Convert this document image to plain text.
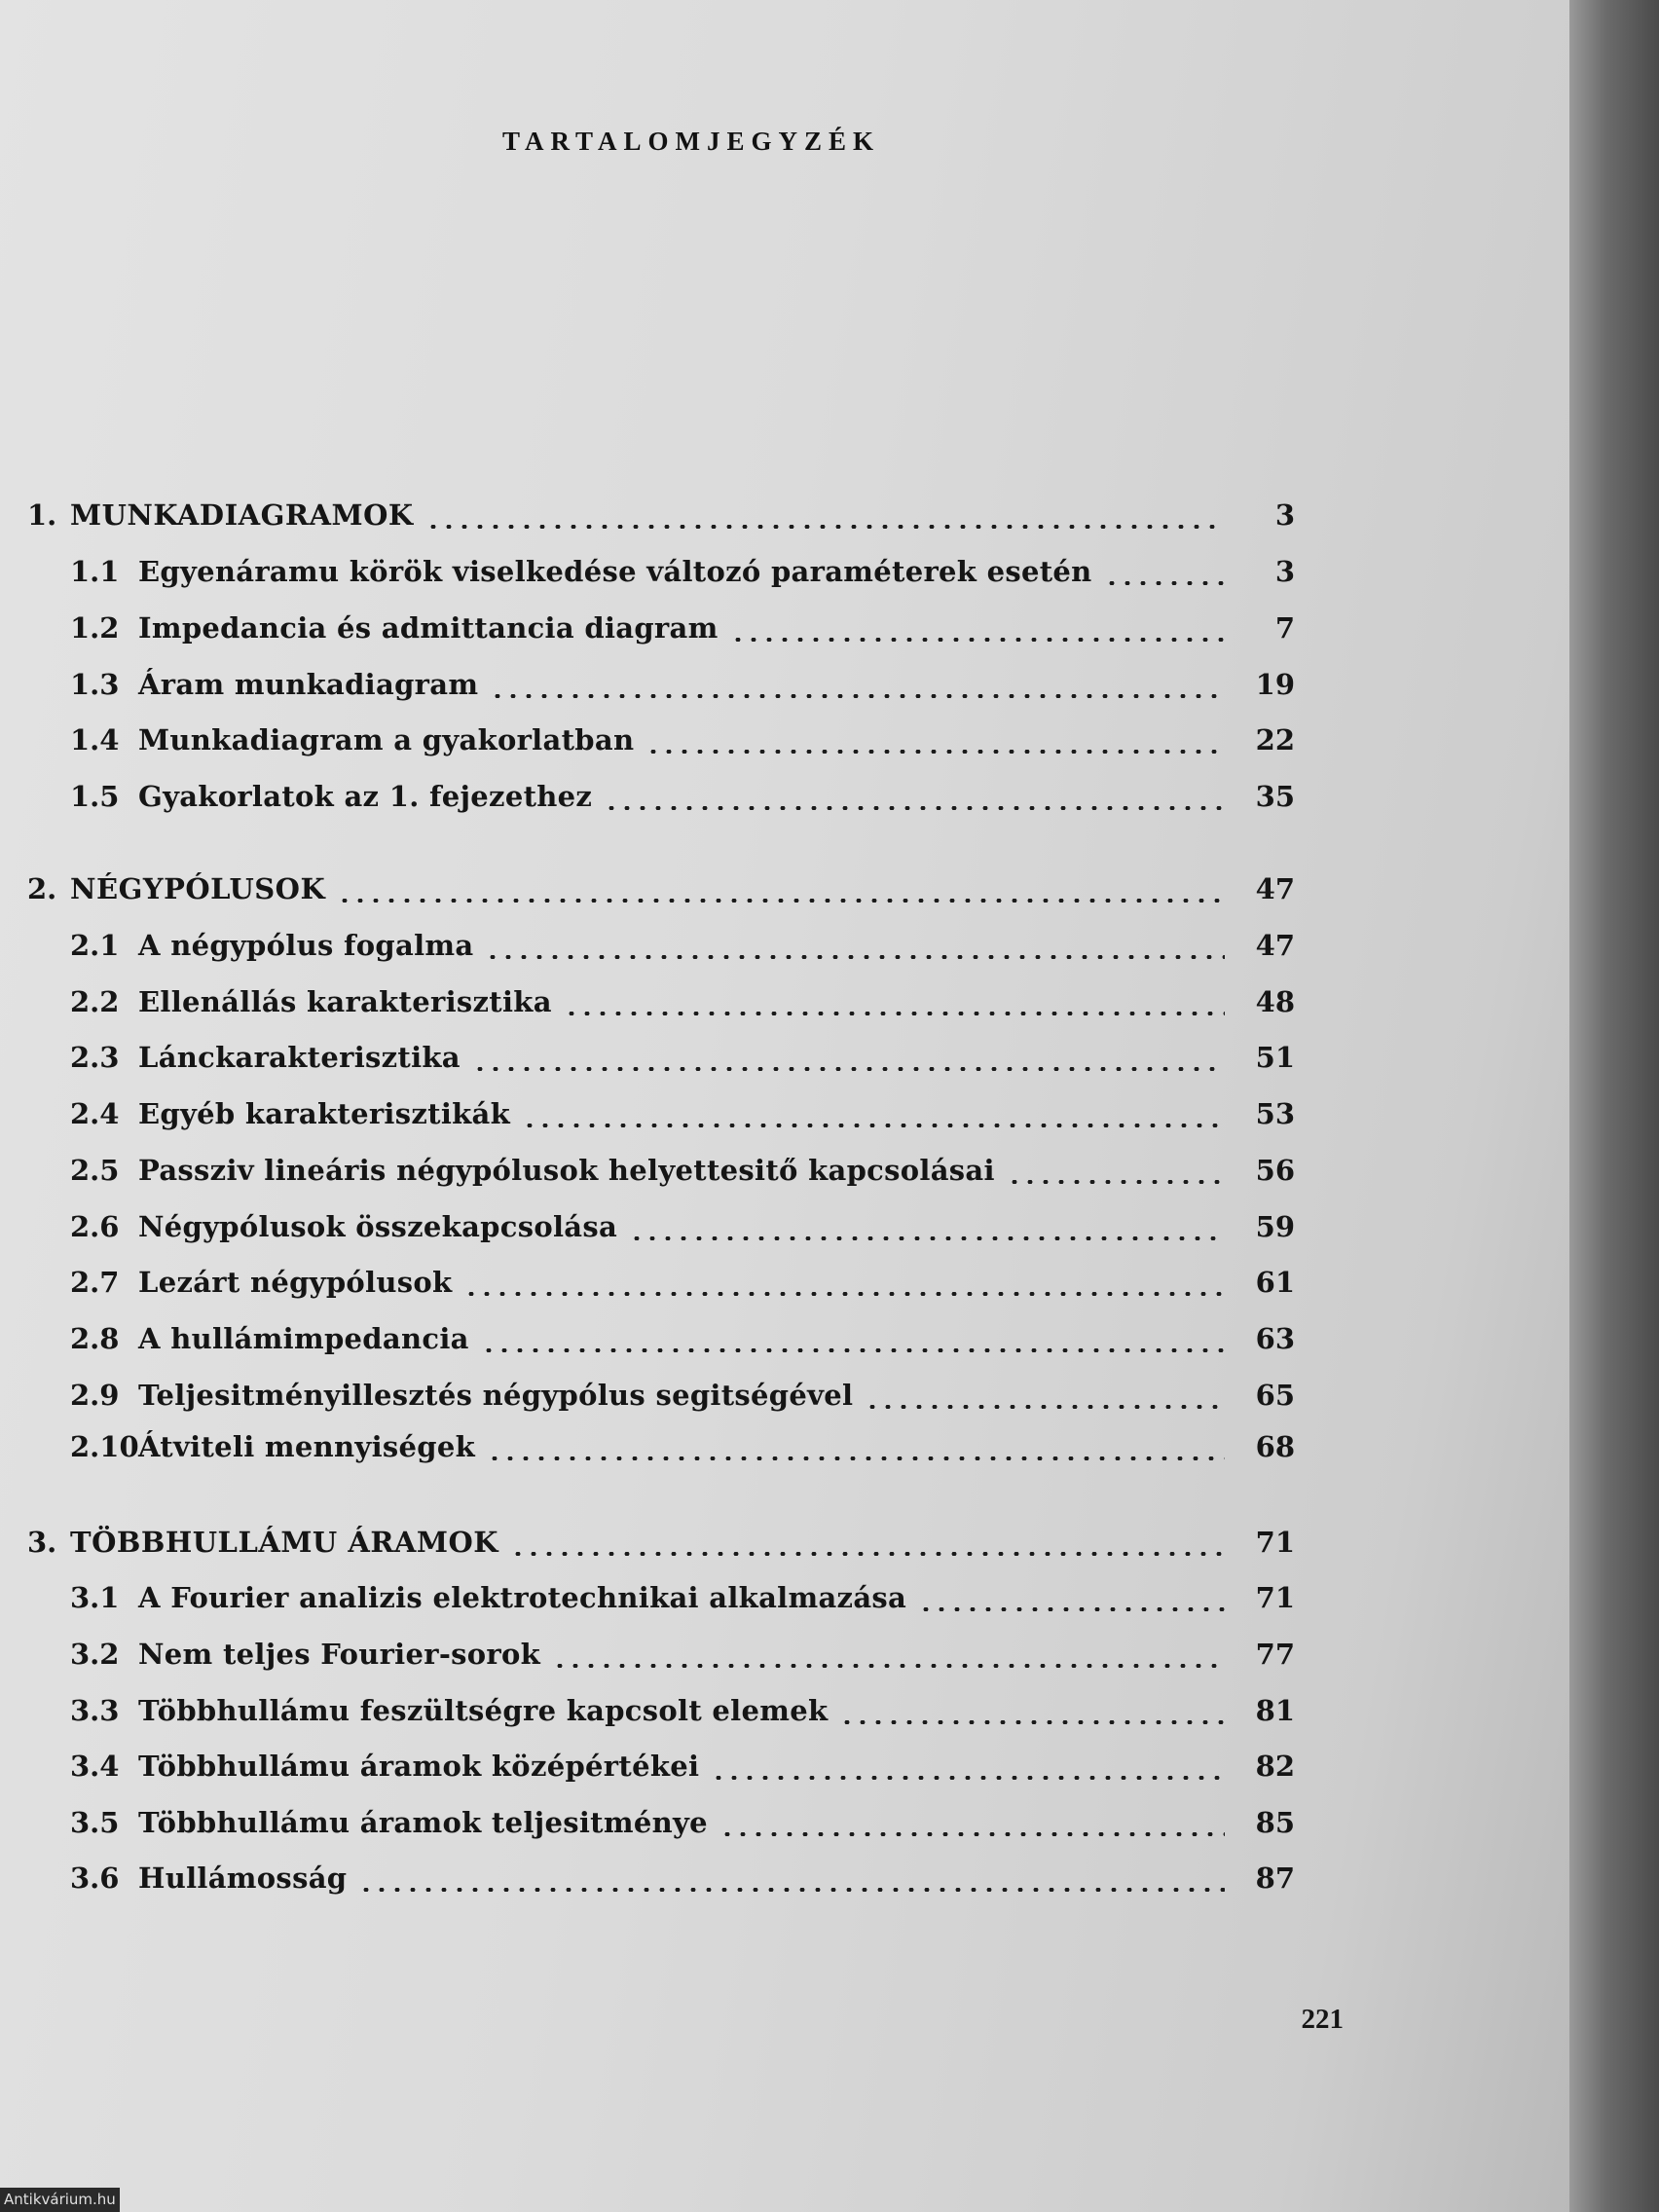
TARTALOMJEGYZÉK
1. MUNKADIAGRAMOK	3
1.1 Egyenáramu körök viselkedése változó paraméterek esetén	3
1.2 Impedancia és admittancia diagram	7
1.3 Áram munkadiagram	19
1.4 Munkadiagram a gyakorlatban	22
1.5 Gyakorlatok az 1. fejezethez	35
2. NÉGYPÓLUSOK	47
2.1 A négypólus fogalma	47
2.2 Ellenállás karakterisztika	48
2.3 Lánckarakterisztika	51
2.4 Egyéb karakterisztikák	53
2.5 Passziv lineáris négypólusok helyettesitő kapcsolásai	56
2.6 Négypólusok összekapcsolása	59
2.7 Lezárt négypólusok	61
2.8 A hullámimpedancia	63
2.9 Teljesitményillesztés négypólus segitségével	65
2.10 Átviteli mennyiségek	68
3. TÖBBHULLÁMU ÁRAMOK	71
3.1 A Fourier analizis elektrotechnikai alkalmazása	71
3.2 Nem teljes Fourier-sorok	77
3.3 Többhullámu feszültségre kapcsolt elemek	81
3.4 Többhullámu áramok középértékei	82
3.5 Többhullámu áramok teljesitménye	85
3.6 Hullámosság	87
221
Antikvárium.hu
